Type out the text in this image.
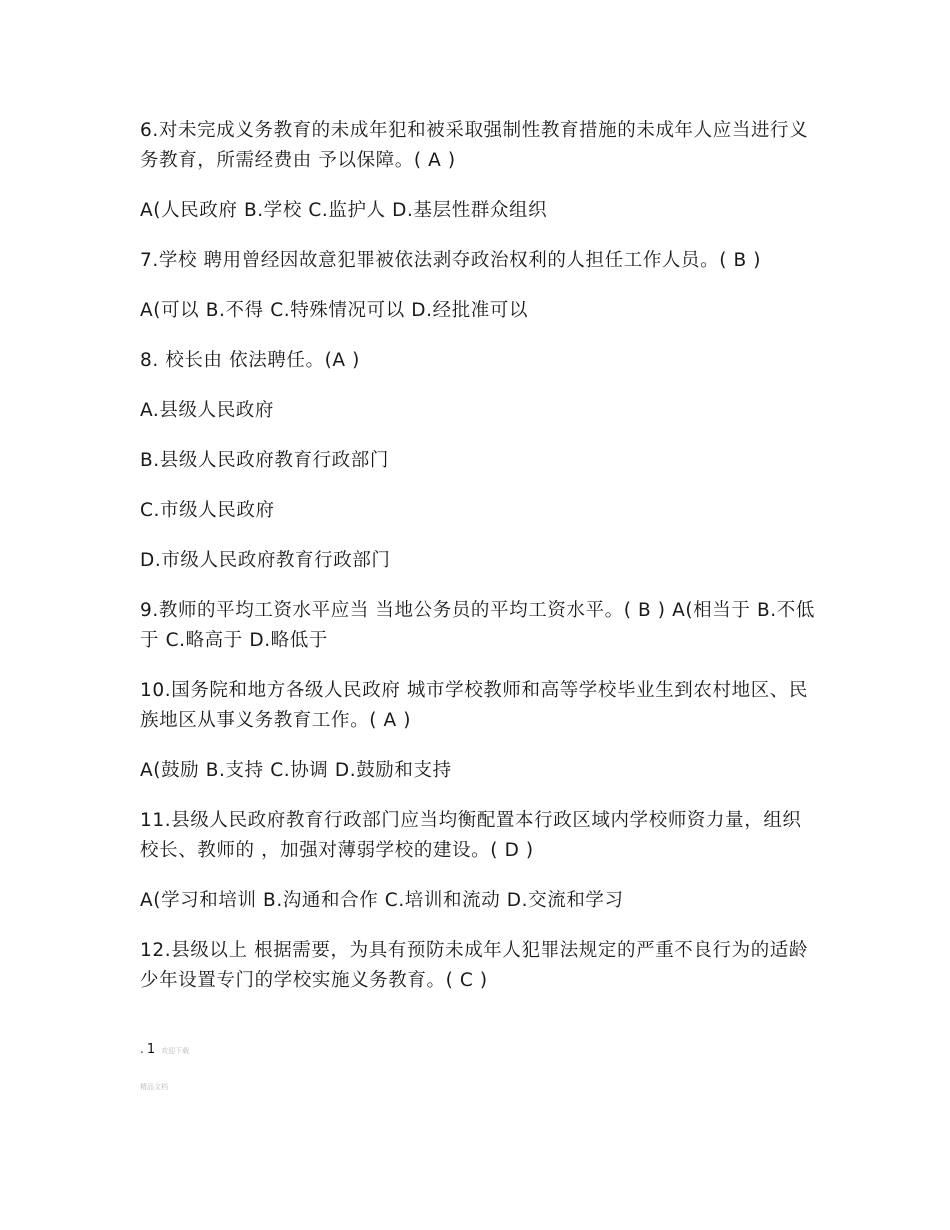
6.对未完成义务教育的未成年犯和被采取强制性教育措施的未成年人应当进行义务教育，所需经费由 予以保障。( A )

A(人民政府 B.学校 C.监护人 D.基层性群众组织

7.学校 聘用曾经因故意犯罪被依法剥夺政治权利的人担任工作人员。( B )

A(可以 B.不得 C.特殊情况可以 D.经批准可以

8. 校长由 依法聘任。(A )

A.县级人民政府

B.县级人民政府教育行政部门

C.市级人民政府

D.市级人民政府教育行政部门

9.教师的平均工资水平应当 当地公务员的平均工资水平。( B ) A(相当于 B.不低于 C.略高于 D.略低于

10.国务院和地方各级人民政府 城市学校教师和高等学校毕业生到农村地区、民族地区从事义务教育工作。( A )

A(鼓励 B.支持 C.协调 D.鼓励和支持

11.县级人民政府教育行政部门应当均衡配置本行政区域内学校师资力量，组织校长、教师的 ，加强对薄弱学校的建设。( D )

A(学习和培训 B.沟通和合作 C.培训和流动 D.交流和学习

12.县级以上 根据需要，为具有预防未成年人犯罪法规定的严重不良行为的适龄少年设置专门的学校实施义务教育。( C )

. 1 欢迎下载
精品文档
